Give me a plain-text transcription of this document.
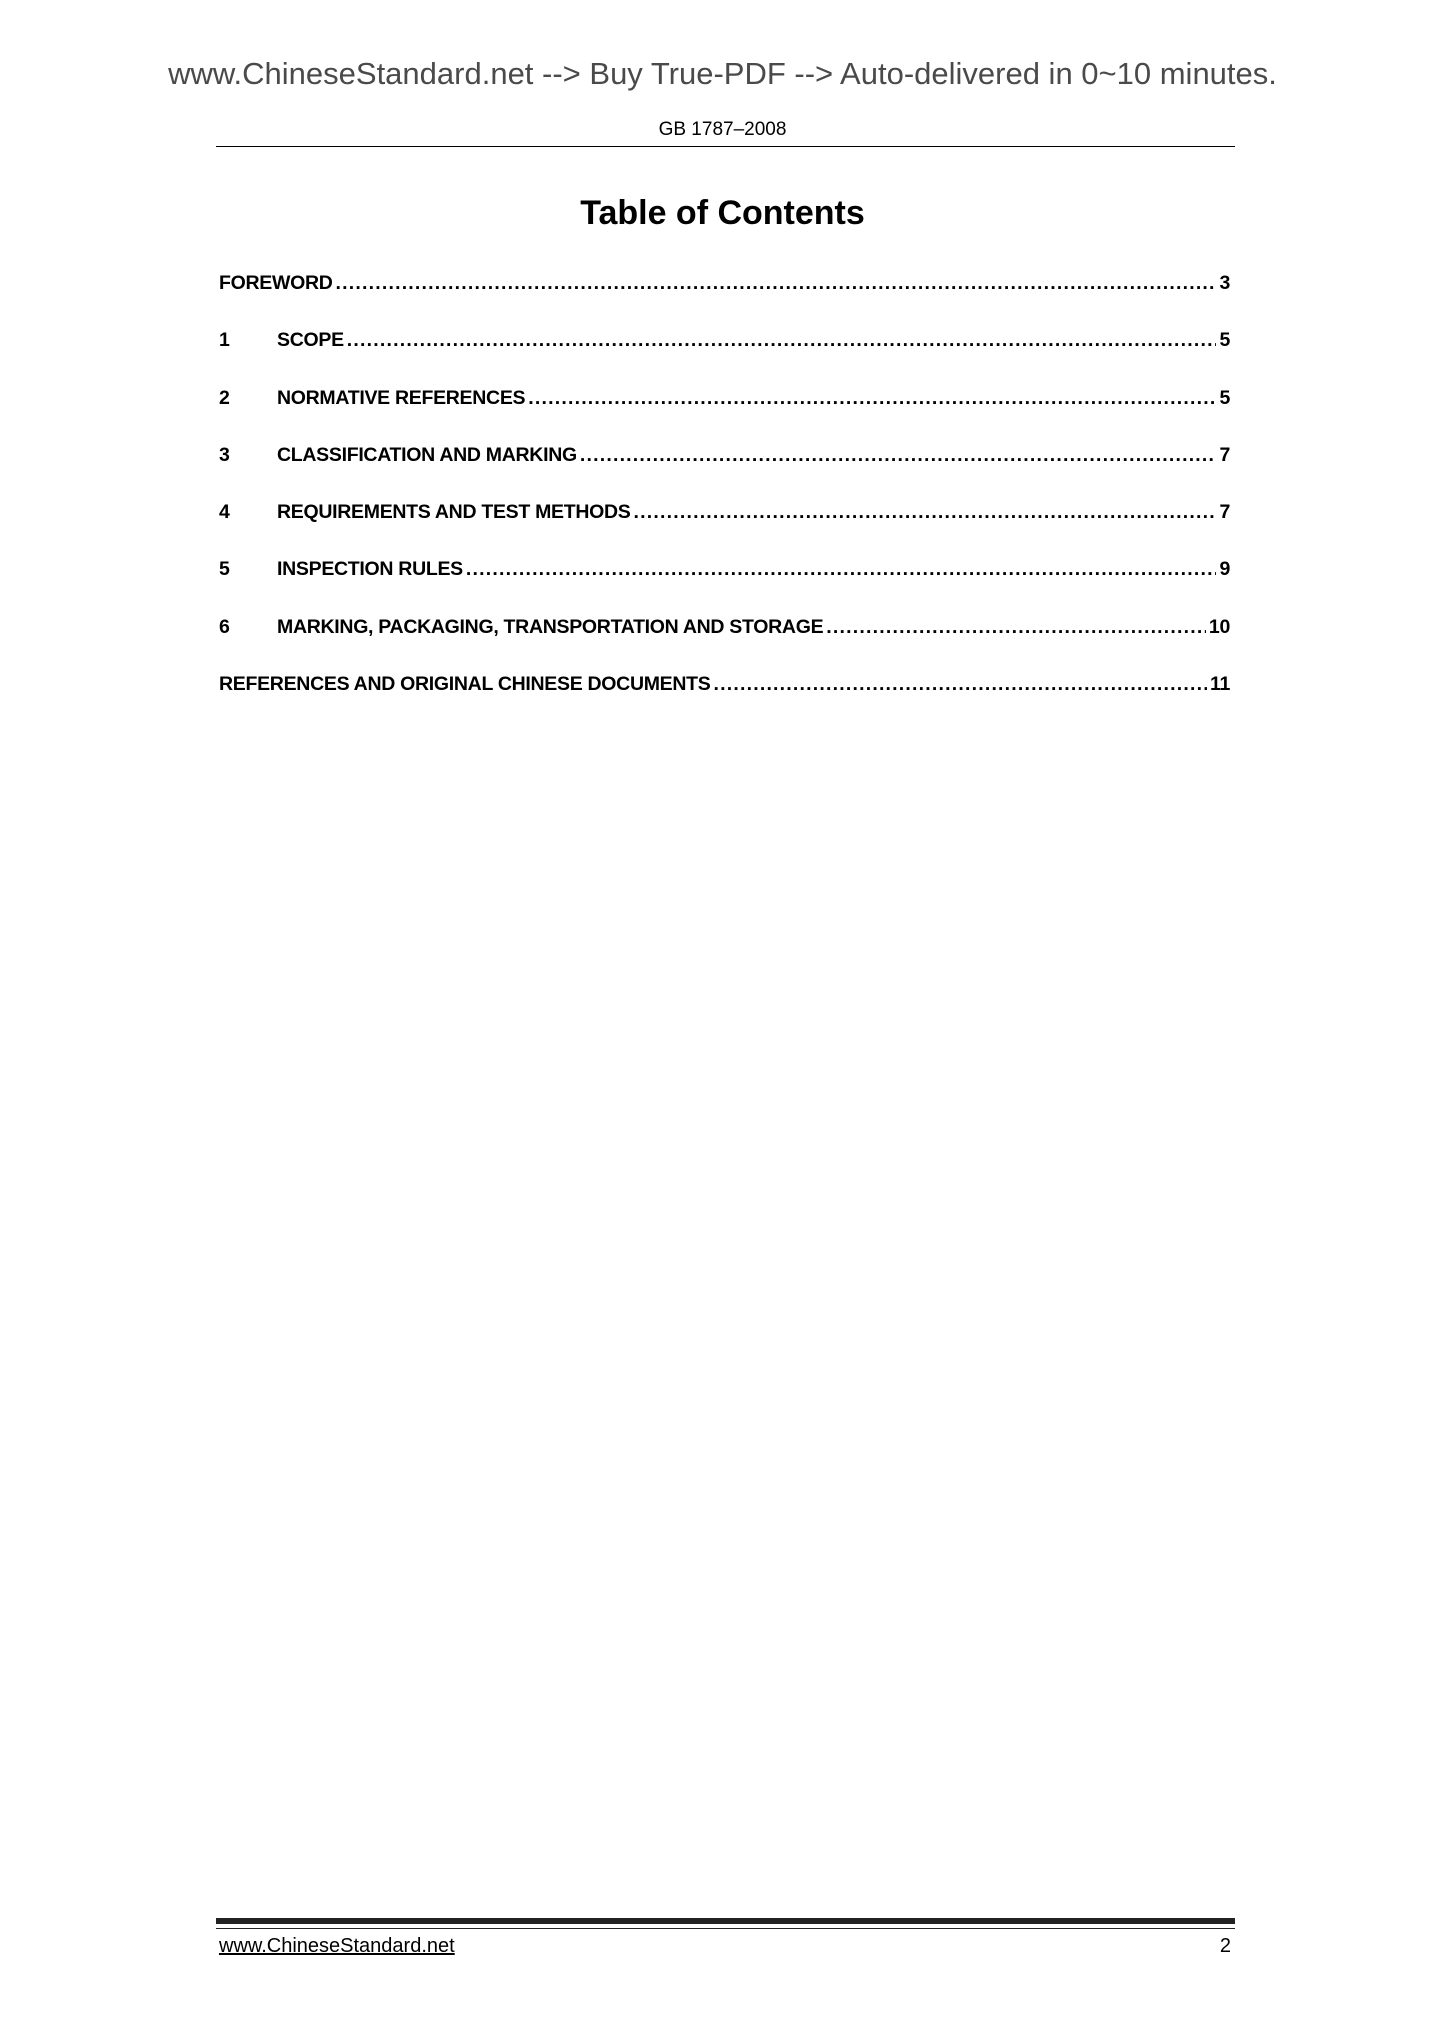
www.ChineseStandard.net --> Buy True-PDF --> Auto-delivered in 0~10 minutes.
GB 1787–2008
Table of Contents
FOREWORD .....	3
1	SCOPE .....	5
2	NORMATIVE REFERENCES .....	5
3	CLASSIFICATION AND MARKING .....	7
4	REQUIREMENTS AND TEST METHODS .....	7
5	INSPECTION RULES .....	9
6	MARKING, PACKAGING, TRANSPORTATION AND STORAGE .....	10
REFERENCES AND ORIGINAL CHINESE DOCUMENTS .....	11
www.ChineseStandard.net	2
